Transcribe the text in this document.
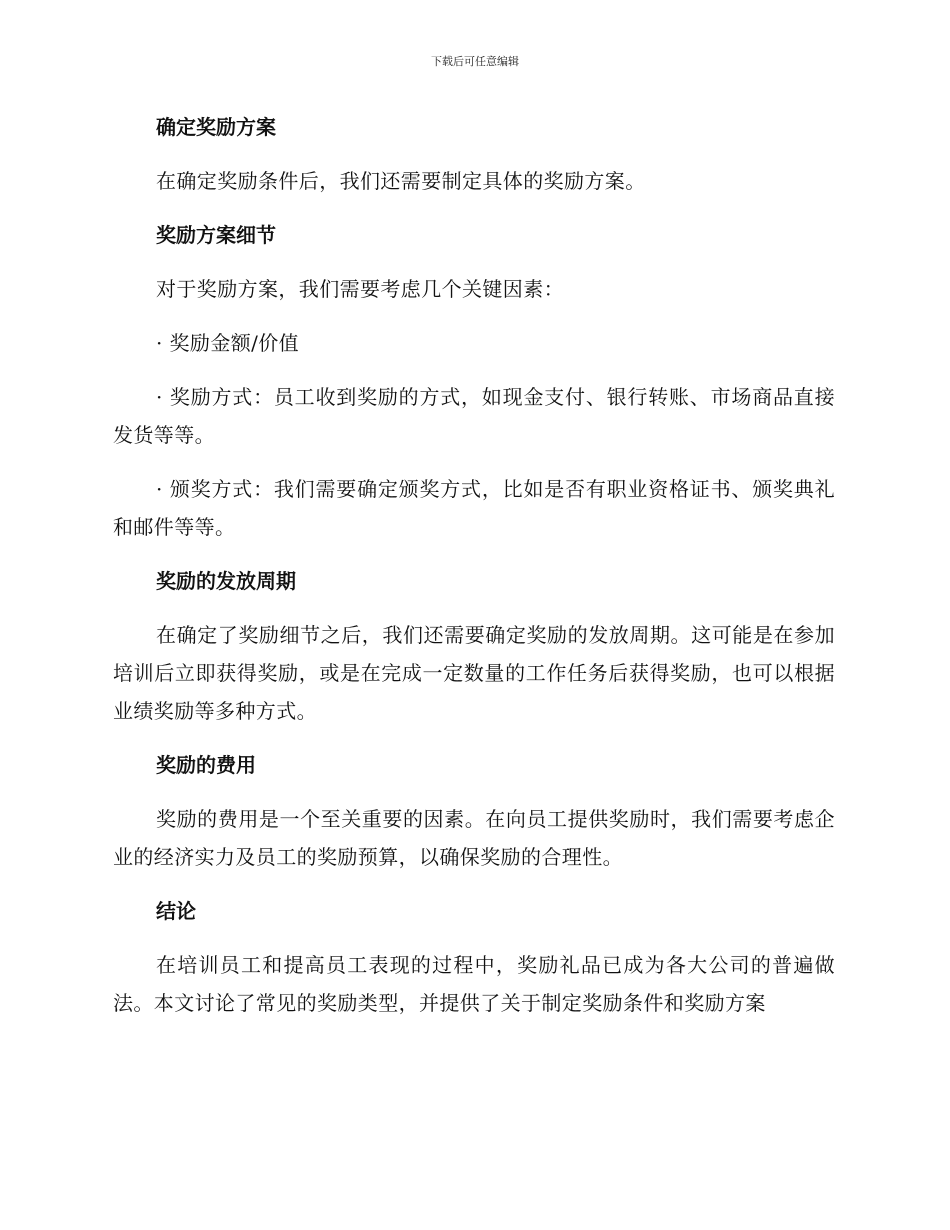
下载后可任意编辑
确定奖励方案
在确定奖励条件后，我们还需要制定具体的奖励方案。
奖励方案细节
对于奖励方案，我们需要考虑几个关键因素：
· 奖励金额/价值
· 奖励方式：员工收到奖励的方式，如现金支付、银行转账、市场商品直接发货等等。
· 颁奖方式：我们需要确定颁奖方式，比如是否有职业资格证书、颁奖典礼和邮件等等。
奖励的发放周期
在确定了奖励细节之后，我们还需要确定奖励的发放周期。这可能是在参加培训后立即获得奖励，或是在完成一定数量的工作任务后获得奖励，也可以根据业绩奖励等多种方式。
奖励的费用
奖励的费用是一个至关重要的因素。在向员工提供奖励时，我们需要考虑企业的经济实力及员工的奖励预算，以确保奖励的合理性。
结论
在培训员工和提高员工表现的过程中，奖励礼品已成为各大公司的普遍做法。本文讨论了常见的奖励类型，并提供了关于制定奖励条件和奖励方案
